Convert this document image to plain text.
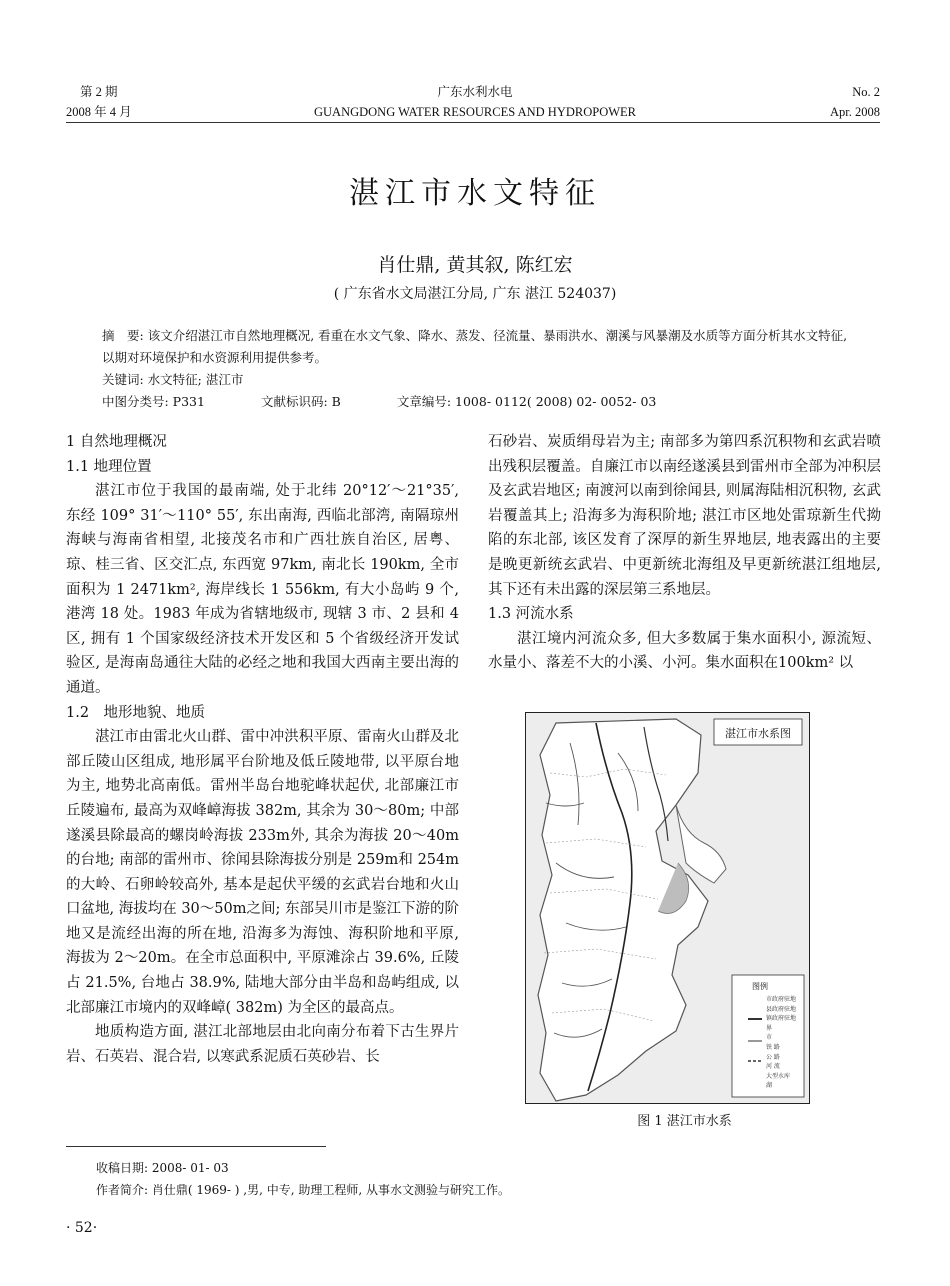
第 2 期
2008 年 4 月
广东水利水电
GUANGDONG WATER RESOURCES AND HYDROPOWER
No. 2
Apr. 2008
湛江市水文特征
肖仕鼎, 黄其叙, 陈红宏
( 广东省水文局湛江分局, 广东 湛江 524037)

摘　要: 该文介绍湛江市自然地理概况, 看重在水文气象、降水、蒸发、径流量、暴雨洪水、潮溪与风暴潮及水质等方面分析其水文特征, 以期对环境保护和水资源利用提供参考。

关键词: 水文特征; 湛江市

中图分类号: P331	文献标识码: B	文章编号: 1008- 0112( 2008) 02- 0052- 03

1 自然地理概况
1.1 地理位置

湛江市位于我国的最南端, 处于北纬 20°12′～21°35′, 东经 109° 31′～110° 55′, 东出南海, 西临北部湾, 南隔琼州海峡与海南省相望, 北接茂名市和广西壮族自治区, 居粤、琼、桂三省、区交汇点, 东西宽 97km, 南北长 190km, 全市面积为 1 2471km², 海岸线长 1 556km, 有大小岛屿 9 个, 港湾 18 处。1983 年成为省辖地级市, 现辖 3 市、2 县和 4 区, 拥有 1 个国家级经济技术开发区和 5 个省级经济开发试验区, 是海南岛通往大陆的必经之地和我国大西南主要出海的通道。

1.2　地形地貌、地质

湛江市由雷北火山群、雷中冲洪积平原、雷南火山群及北部丘陵山区组成, 地形属平台阶地及低丘陵地带, 以平原台地为主, 地势北高南低。雷州半岛台地驼峰状起伏, 北部廉江市丘陵遍布, 最高为双峰嶂海拔 382m, 其余为 30～80m; 中部遂溪县除最高的螺岗岭海拔 233m外, 其余为海拔 20～40m的台地; 南部的雷州市、徐闻县除海拔分别是 259m和 254m的大岭、石卵岭较高外, 基本是起伏平缓的玄武岩台地和火山口盆地, 海拔均在 30～50m之间; 东部吴川市是鉴江下游的阶地又是流经出海的所在地, 沿海多为海蚀、海积阶地和平原, 海拔为 2～20m。在全市总面积中, 平原滩涂占 39.6%, 丘陵占 21.5%, 台地占 38.9%, 陆地大部分由半岛和岛屿组成, 以北部廉江市境内的双峰嶂( 382m) 为全区的最高点。

地质构造方面, 湛江北部地层由北向南分布着下古生界片岩、石英岩、混合岩, 以寒武系泥质石英砂岩、长

石砂岩、炭质绢母岩为主; 南部多为第四系沉积物和玄武岩喷出残积层覆盖。自廉江市以南经遂溪县到雷州市全部为冲积层及玄武岩地区; 南渡河以南到徐闻县, 则属海陆相沉积物, 玄武岩覆盖其上; 沿海多为海积阶地; 湛江市区地处雷琼新生代拗陷的东北部, 该区发育了深厚的新生界地层, 地表露出的主要是晚更新统玄武岩、中更新统北海组及早更新统湛江组地层, 其下还有未出露的深层第三系地层。

1.3 河流水系

湛江境内河流众多, 但大多数属于集水面积小, 源流短、水量小、落差不大的小溪、小河。集水面积在100km² 以

湛江市水系图
图例
市政府驻地
县政府驻地
镇政府驻地
界
市
铁 路
公 路
河 流
大型水库
湖
图 1 湛江市水系

收稿日期: 2008- 01- 03

作者简介: 肖仕鼎( 1969- ) ,男, 中专, 助理工程师, 从事水文测验与研究工作。

· 52·
